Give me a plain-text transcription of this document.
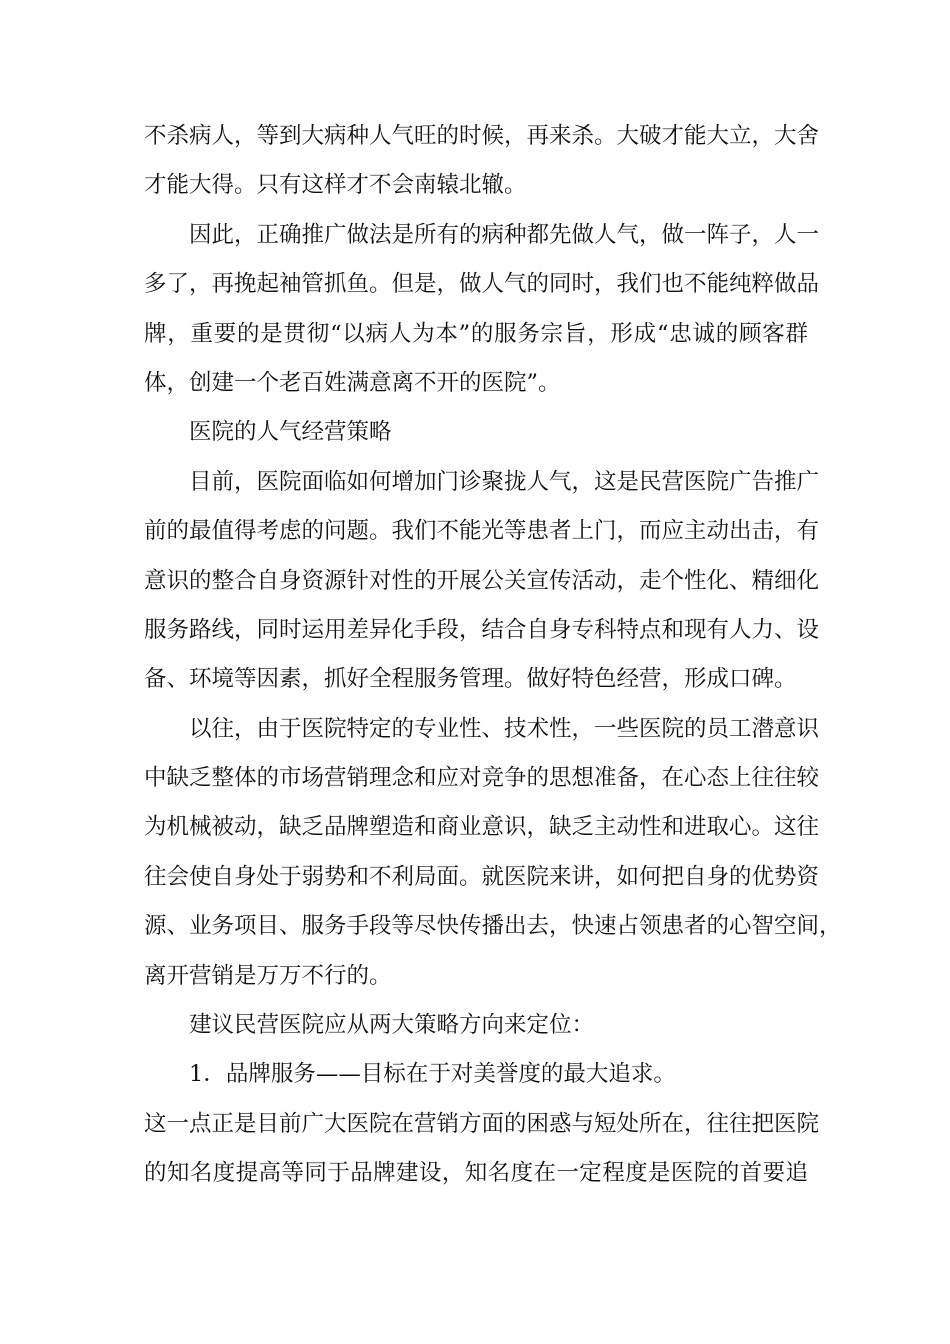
不杀病人，等到大病种人气旺的时候，再来杀。大破才能大立，大舍
才能大得。只有这样才不会南辕北辙。
因此，正确推广做法是所有的病种都先做人气，做一阵子，人一
多了，再挽起袖管抓鱼。但是，做人气的同时，我们也不能纯粹做品
牌，重要的是贯彻“以病人为本”的服务宗旨，形成“忠诚的顾客群
体，创建一个老百姓满意离不开的医院”。
医院的人气经营策略
目前，医院面临如何增加门诊聚拢人气，这是民营医院广告推广
前的最值得考虑的问题。我们不能光等患者上门，而应主动出击，有
意识的整合自身资源针对性的开展公关宣传活动，走个性化、精细化
服务路线，同时运用差异化手段，结合自身专科特点和现有人力、设
备、环境等因素，抓好全程服务管理。做好特色经营，形成口碑。
以往，由于医院特定的专业性、技术性，一些医院的员工潜意识
中缺乏整体的市场营销理念和应对竞争的思想准备，在心态上往往较
为机械被动，缺乏品牌塑造和商业意识，缺乏主动性和进取心。这往
往会使自身处于弱势和不利局面。就医院来讲，如何把自身的优势资
源、业务项目、服务手段等尽快传播出去，快速占领患者的心智空间，
离开营销是万万不行的。
建议民营医院应从两大策略方向来定位：
1．品牌服务——目标在于对美誉度的最大追求。
这一点正是目前广大医院在营销方面的困惑与短处所在，往往把医院
的知名度提高等同于品牌建设，知名度在一定程度是医院的首要追
